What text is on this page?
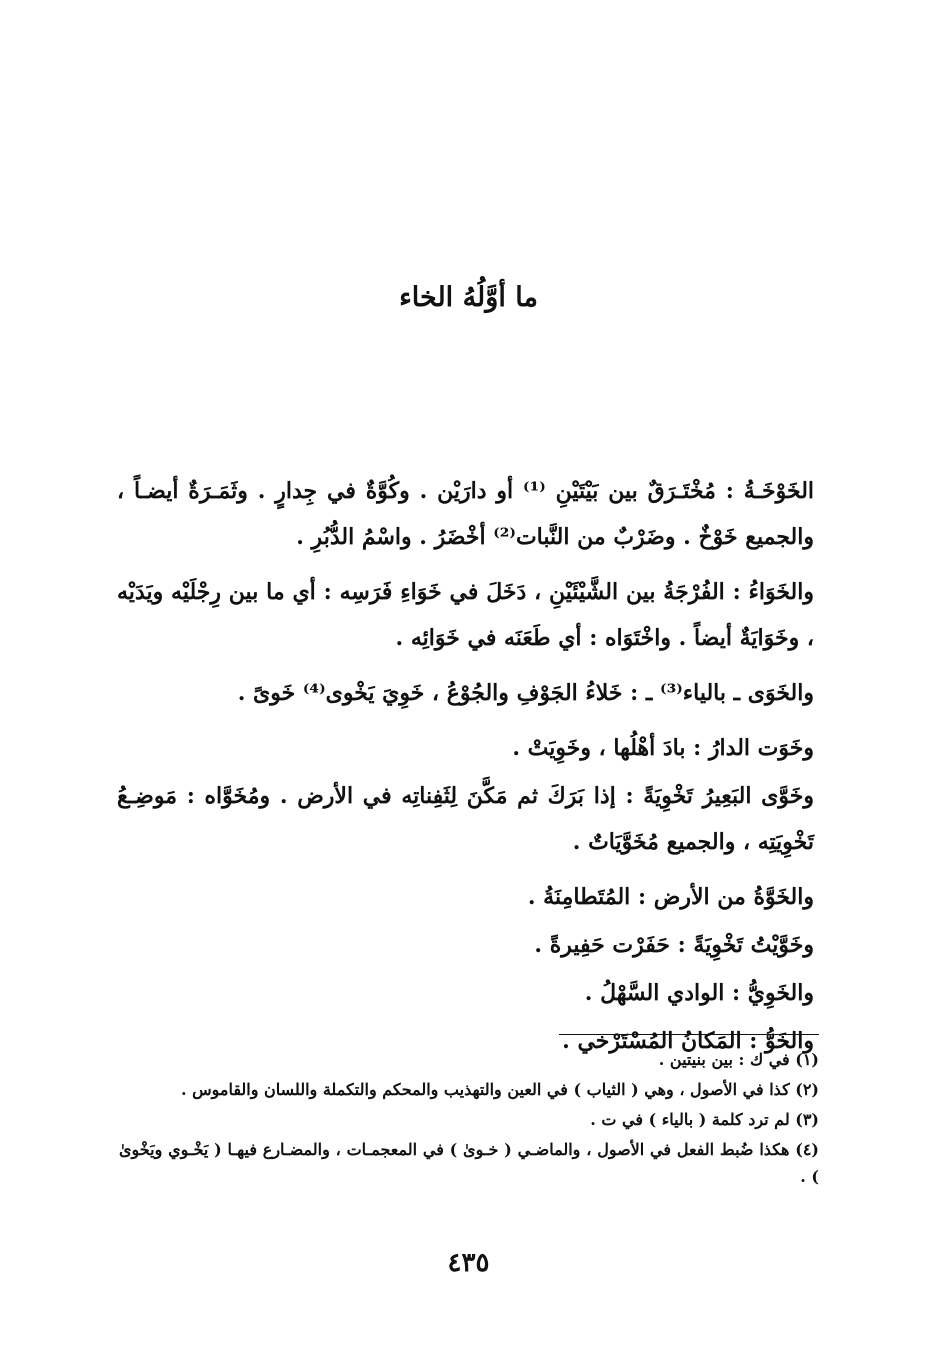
ما أوَّلُهُ الخاء

الخَوْخَـةُ : مُخْتَـرَقٌ بين بَيْتَيْنِ ⁽¹⁾ أو دارَيْن . وكُوَّةٌ في جِدارٍ . وثَمَـرَةٌ أيضـاً ، والجميع خَوْخٌ . وضَرْبٌ من النَّبات⁽²⁾ أخْضَرُ . واسْمُ الدُّبُرِ .

والخَوَاءُ : الفُرْجَةُ بين الشَّيْئَيْنِ ، دَخَلَ في خَوَاءِ فَرَسِه : أي ما بين رِجْلَيْه ويَدَيْه ، وخَوَايَةٌ أيضاً . واخْتَوَاه : أي طَعَنَه في خَوَائِه .

والخَوَى ـ بالياء⁽³⁾ ـ : خَلاءُ الجَوْفِ والجُوْعُ ، خَوِيَ يَخْوى⁽⁴⁾ خَوىً .

وخَوَت الدارُ : بادَ أهْلُها ، وخَوِيَتْ .

وخَوَّى البَعِيرُ تَخْوِيَةً : إذا بَرَكَ ثم مَكَّنَ لِثَفِناتِه في الأرض . ومُخَوَّاه : مَوضِـعُ تَخْوِيَتِه ، والجميع مُخَوَّيَاتٌ .

والخَوَّةُ من الأرض : المُتَطامِنَةُ .

وخَوَّيْتُ تَخْوِيَةً : حَفَرْت حَفِيرةً .

والخَوِيُّ : الوادي السَّهْلُ .

والخَوُّ : المَكانُ المُسْتَرْخي .

(١) في ك : بين بنيتين .

(٢) كذا في الأصول ، وهي ( الثياب ) في العين والتهذيب والمحكم والتكملة واللسان والقاموس .

(٣) لم ترد كلمة ( بالياء ) في ت .

(٤) هكذا ضُبط الفعل في الأصول ، والماضـي ( خـوىٰ ) في المعجمـات ، والمضـارع فيهـا ( يَخْـوي ويَخْوىٰ ) .

٤٣٥
